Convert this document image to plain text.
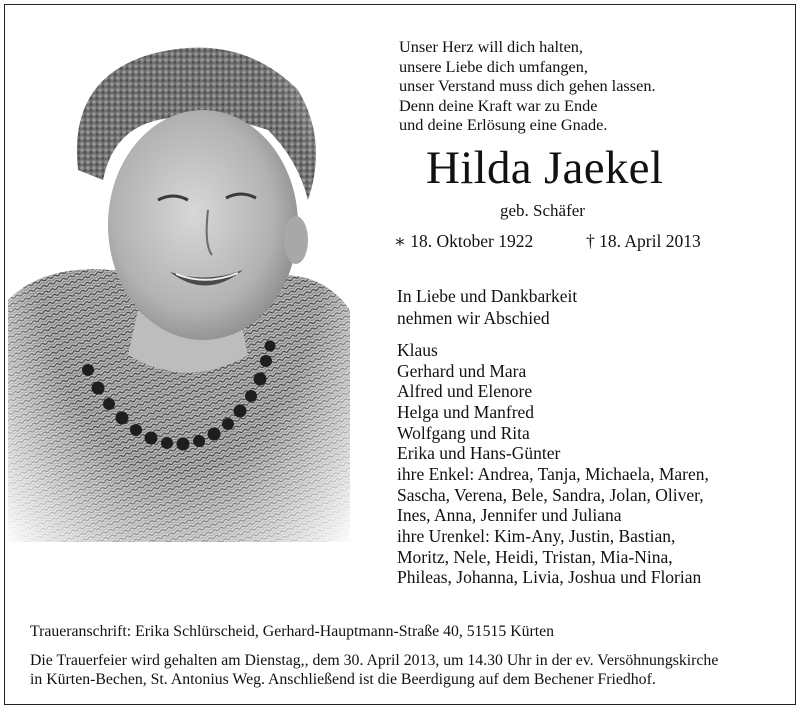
Unser Herz will dich halten,
unsere Liebe dich umfangen,
unser Verstand muss dich gehen lassen.
Denn deine Kraft war zu Ende
und deine Erlösung eine Gnade.
Hilda Jaekel
geb. Schäfer
∗ 18. Oktober 1922	† 18. April 2013
In Liebe und Dankbarkeit
nehmen wir Abschied
Klaus
Gerhard und Mara
Alfred und Elenore
Helga und Manfred
Wolfgang und Rita
Erika und Hans-Günter
ihre Enkel: Andrea, Tanja, Michaela, Maren,
Sascha, Verena, Bele, Sandra, Jolan, Oliver,
Ines, Anna, Jennifer und Juliana
ihre Urenkel: Kim-Any, Justin, Bastian,
Moritz, Nele, Heidi, Tristan, Mia-Nina,
Phileas, Johanna, Livia, Joshua und Florian
Traueranschrift: Erika Schlürscheid, Gerhard-Hauptmann-Straße 40, 51515 Kürten
Die Trauerfeier wird gehalten am Dienstag,, dem 30. April 2013, um 14.30 Uhr in der ev. Versöhnungskirche
in Kürten-Bechen, St. Antonius Weg. Anschließend ist die Beerdigung auf dem Bechener Friedhof.
